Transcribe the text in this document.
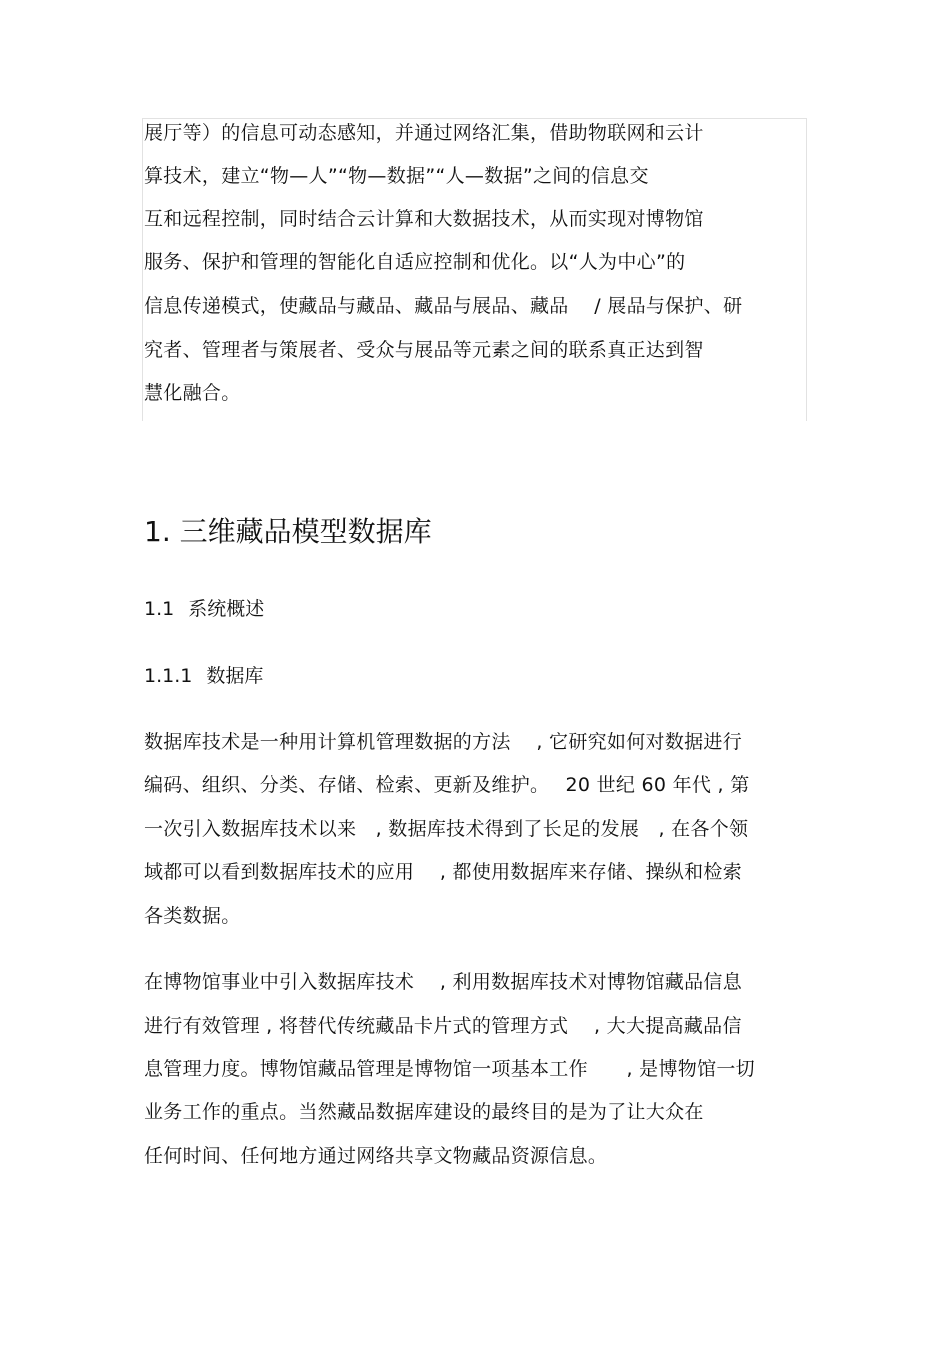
展厅等）的信息可动态感知，并通过网络汇集，借助物联网和云计
算技术，建立“物—人”“物—数据”“人—数据”之间的信息交
互和远程控制，同时结合云计算和大数据技术，从而实现对博物馆
服务、保护和管理的智能化自适应控制和优化。以“人为中心”的
信息传递模式，使藏品与藏品、藏品与展品、藏品　 / 展品与保护、研
究者、管理者与策展者、受众与展品等元素之间的联系真正达到智
慧化融合。
1. 三维藏品模型数据库
1.1 系统概述
1.1.1 数据库
数据库技术是一种用计算机管理数据的方法　 , 它研究如何对数据进行
编码、组织、分类、存储、检索、更新及维护。　 20 世纪 60 年代 , 第
一次引入数据库技术以来　, 数据库技术得到了长足的发展　, 在各个领
域都可以看到数据库技术的应用　 , 都使用数据库来存储、操纵和检索
各类数据。
在博物馆事业中引入数据库技术　 , 利用数据库技术对博物馆藏品信息
进行有效管理 , 将替代传统藏品卡片式的管理方式　 , 大大提高藏品信
息管理力度。博物馆藏品管理是博物馆一项基本工作　　, 是博物馆一切
业务工作的重点。当然藏品数据库建设的最终目的是为了让大众在
任何时间、任何地方通过网络共享文物藏品资源信息。
